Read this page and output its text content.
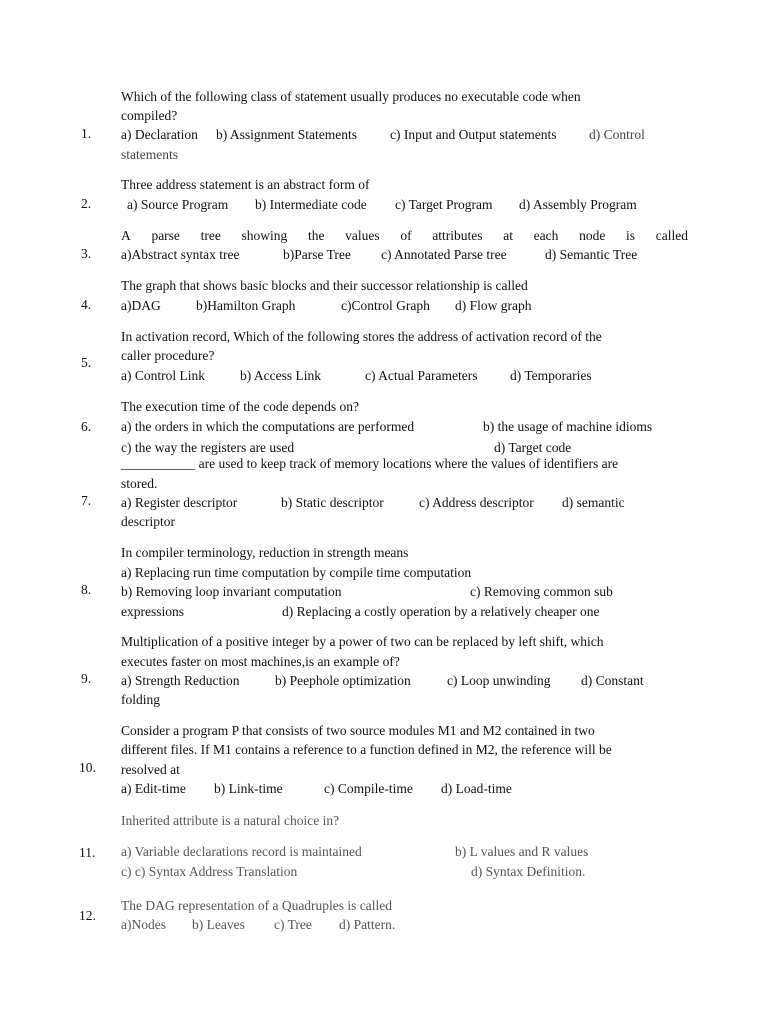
Which of the following class of statement usually produces no executable code when
compiled?
1.	a) Declaration b) Assignment Statements c) Input and Output statements d) Control
statements
Three address statement is an abstract form of
2.	a) Source Program b) Intermediate code c) Target Program d) Assembly Program
A parse tree showing the values of attributes at each node is called
3.	a)Abstract syntax tree	b)Parse Tree c) Annotated Parse tree	d) Semantic Tree
The graph that shows basic blocks and their successor relationship is called
4.	a)DAG	b)Hamilton Graph	c)Control Graph d) Flow graph
In activation record, Which of the following stores the address of activation record of the
caller procedure?
5.
a) Control Link	b) Access Link	c) Actual Parameters d) Temporaries
The execution time of the code depends on?
6.	a) the orders in which the computations are performed	b) the usage of machine idioms
c) the way the registers are used	d) Target code
___________ are used to keep track of memory locations where the values of identifiers are
stored.
7.	a) Register descriptor	b) Static descriptor	c) Address descriptor d) semantic
descriptor
In compiler terminology, reduction in strength means
a) Replacing run time computation by compile time computation
8.	b) Removing loop invariant computation	c) Removing common sub
expressions	d) Replacing a costly operation by a relatively cheaper one
Multiplication of a positive integer by a power of two can be replaced by left shift, which
executes faster on most machines,is an example of?
9.	a) Strength Reduction	b) Peephole optimization	c) Loop unwinding d) Constant
folding
Consider a program P that consists of two source modules M1 and M2 contained in two
different files. If M1 contains a reference to a function defined in M2, the reference will be
resolved at
10.
a) Edit-time b) Link-time	c) Compile-time d) Load-time
Inherited attribute is a natural choice in?
11.	a) Variable declarations record is maintained	b) L values and R values
c) c) Syntax Address Translation	d) Syntax Definition.
The DAG representation of a Quadruples is called
12.
a)Nodes b) Leaves c) Tree d) Pattern.
